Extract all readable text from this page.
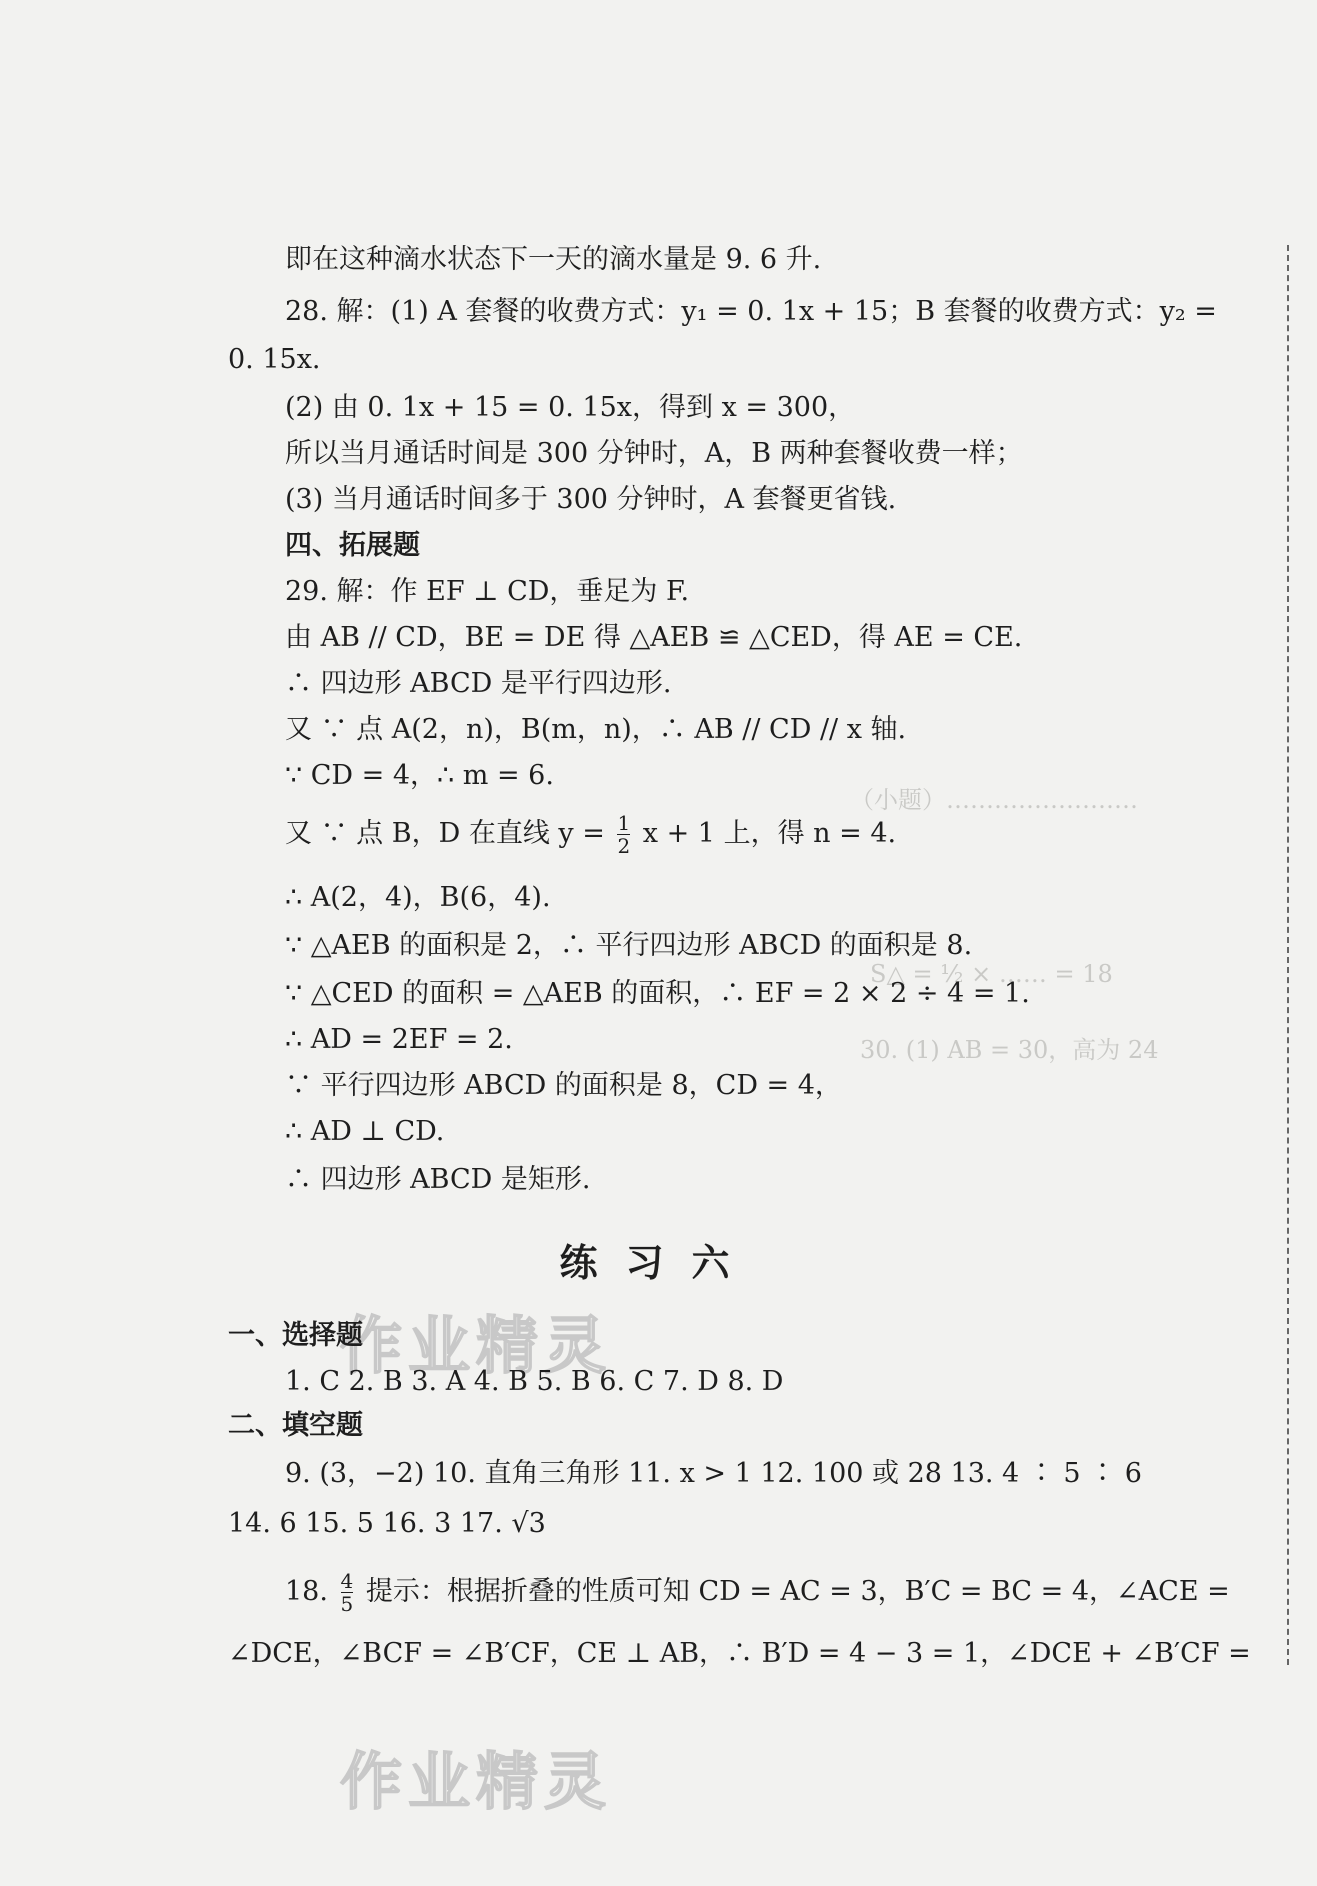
（小题）……………………
S△ = ½ × …… = 18
30. (1) AB = 30，高为 24
即在这种滴水状态下一天的滴水量是 9. 6 升.
28. 解：(1) A 套餐的收费方式：y₁ = 0. 1x + 15；B 套餐的收费方式：y₂ =
0. 15x.
(2) 由 0. 1x + 15 = 0. 15x，得到 x = 300，
所以当月通话时间是 300 分钟时，A，B 两种套餐收费一样；
(3) 当月通话时间多于 300 分钟时，A 套餐更省钱.
四、拓展题
29. 解：作 EF ⊥ CD，垂足为 F.
由 AB // CD，BE = DE 得 △AEB ≌ △CED，得 AE = CE.
∴ 四边形 ABCD 是平行四边形.
又 ∵ 点 A(2，n)，B(m，n)，∴ AB // CD // x 轴.
∵ CD = 4，∴ m = 6.
又 ∵ 点 B，D 在直线 $y = \frac{1}{2}$ x + 1 上，得 n = 4.
∴ A(2，4)，B(6，4).
∵ △AEB 的面积是 2，∴ 平行四边形 ABCD 的面积是 8.
∵ △CED 的面积 = △AEB 的面积，∴ EF = 2 × 2 ÷ 4 = 1.
∴ AD = 2EF = 2.
∵ 平行四边形 ABCD 的面积是 8，CD = 4，
∴ AD ⊥ CD.
∴ 四边形 ABCD 是矩形.
练习六
作业精灵
一、选择题
1. C 2. B 3. A 4. B 5. B 6. C 7. D 8. D
二、填空题
9. (3，−2) 10. 直角三角形 11. x > 1 12. 100 或 28 13. 4 ∶ 5 ∶ 6
14. 6 15. 5 16. 3 17. √3
18. $\frac{4}{5}$ 提示：根据折叠的性质可知 CD = AC = 3，B′C = BC = 4，∠ACE =
∠DCE，∠BCF = ∠B′CF，CE ⊥ AB，∴ B′D = 4 − 3 = 1，∠DCE + ∠B′CF =
作业精灵
